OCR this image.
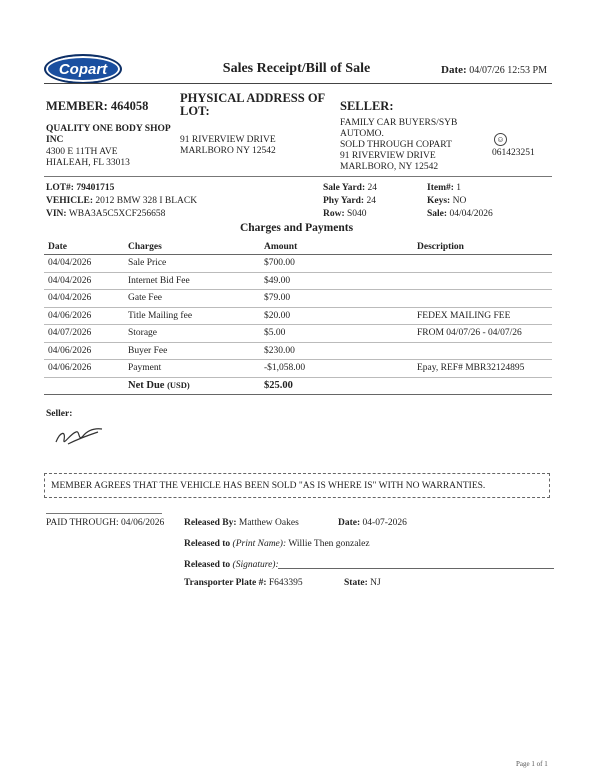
Copart	Sales Receipt/Bill of Sale	Date: 04/07/26 12:53 PM
MEMBER: 464058
QUALITY ONE BODY SHOP
INC
4300 E 11TH AVE
HIALEAH, FL 33013
PHYSICAL ADDRESS OF
LOT:
91 RIVERVIEW DRIVE
MARLBORO NY 12542
SELLER:
FAMILY CAR BUYERS/SYB
AUTOMO.
SOLD THROUGH COPART
91 RIVERVIEW DRIVE
MARLBORO, NY 12542
☺
061423251
LOT#: 79401715
VEHICLE: 2012 BMW 328 I BLACK
VIN: WBA3A5C5XCF256658
Sale Yard: 24
Phy Yard: 24
Row: S040
Item#: 1
Keys: NO
Sale: 04/04/2026
Charges and Payments
Date	Charges	Amount	Description
04/04/2026	Sale Price	$700.00	
04/04/2026	Internet Bid Fee	$49.00	
04/04/2026	Gate Fee	$79.00	
04/06/2026	Title Mailing fee	$20.00	FEDEX MAILING FEE
04/07/2026	Storage	$5.00	FROM 04/07/26 - 04/07/26
04/06/2026	Buyer Fee	$230.00	
04/06/2026	Payment	-$1,058.00	Epay, REF# MBR32124895
	Net Due (USD)	$25.00	
Seller:
MEMBER AGREES THAT THE VEHICLE HAS BEEN SOLD "AS IS WHERE IS" WITH NO WARRANTIES.
PAID THROUGH: 04/06/2026 Released By: Matthew Oakes	Date: 04-07-2026
Released to (Print Name): Willie Then gonzalez
Released to (Signature):
Transporter Plate #: F643395	State: NJ
Page 1 of 1
